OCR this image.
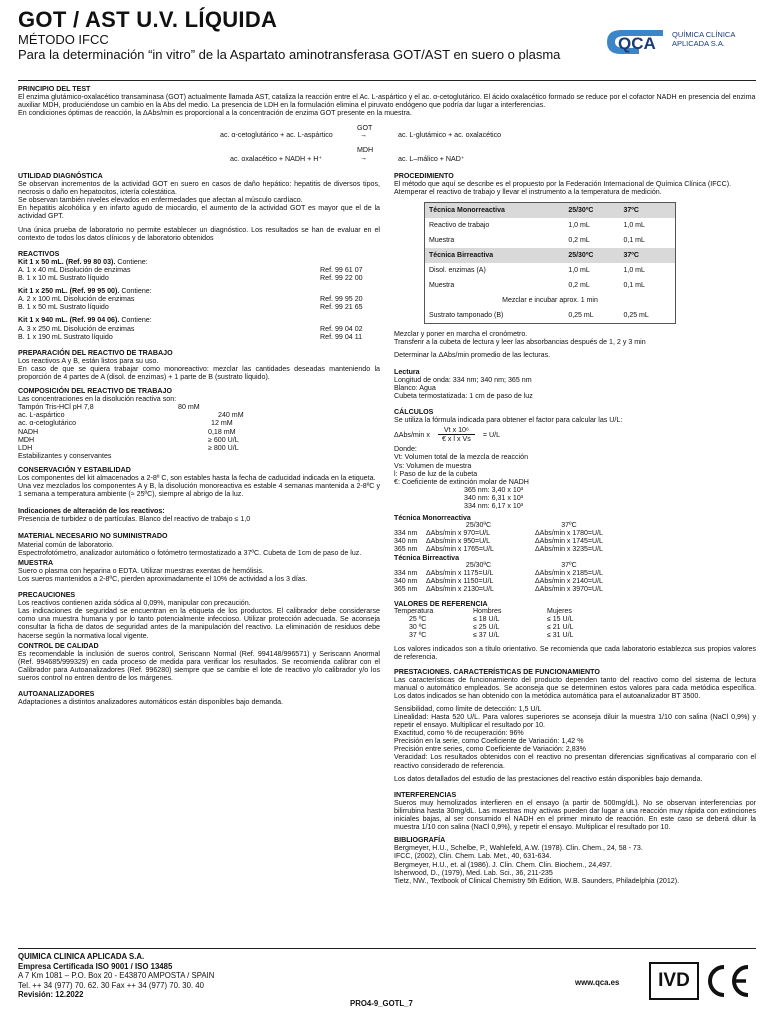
GOT / AST U.V. LÍQUIDA
MÉTODO IFCC
Para la determinación “in vitro” de la Aspartato aminotransferasa GOT/AST en suero o plasma
QCA QUÍMICA CLÍNICA
APLICADA S.A.
PRINCIPIO DEL TEST

El enzima glutámico-oxalacético transaminasa (GOT) actualmente llamada AST, cataliza la reacción entre el Ac. L-aspártico y el ac. α-cetoglutárico. El ácido oxalacético formado se reduce por el cofactor NADH en presencia del enzima auxiliar MDH, produciéndose un cambio en la Abs del medio. La presencia de LDH en la formulación elimina el piruvato endógeno que podría dar lugar a interferencias.

En condiciones óptimas de reacción, la ΔAbs/min es proporcional a la concentración de enzima GOT presente en la muestra.

ac. α-cetoglutárico + ac. L-aspártico
GOT
→	ac. L-glutámico + ac. oxalacético
ac. oxalacético + NADH + H⁺
MDH
→	ac. L–málico + NAD⁺
UTILIDAD DIAGNÓSTICA

Se observan incrementos de la actividad GOT en suero en casos de daño hepático: hepatitis de diversos tipos, necrosis o daño en hepatocitos, ictería colestática.

Se observan también niveles elevados en enfermedades que afectan al músculo cardíaco.

En hepatitis alcohólica y en infarto agudo de miocardio, el aumento de la actividad GOT es mayor que el de la actividad GPT.

Una única prueba de laboratorio no permite establecer un diagnóstico. Los resultados se han de evaluar en el contexto de todos los datos clínicos y de laboratorio obtenidos

REACTIVOS

Kit 1 x 50 mL. (Ref. 99 80 03). Contiene:

A. 1 x 40 mL Disolución de enzimas	Ref. 99 61 07
B. 1 x 10 mL Sustrato líquido	Ref. 99 22 00

Kit 1 x 250 mL. (Ref. 99 95 00). Contiene:

A. 2 x 100 mL Disolución de enzimas	Ref. 99 95 20
B. 1 x 50 mL Sustrato líquido	Ref. 99 21 65

Kit 1 x 940 mL. (Ref. 99 04 06). Contiene:

A. 3 x 250 mL Disolución de enzimas	Ref. 99 04 02
B. 1 x 190 mL Sustrato líquido	Ref. 99 04 11
PREPARACIÓN DEL REACTIVO DE TRABAJO

Los reactivos A y B, están listos para su uso.

En caso de que se quiera trabajar como monoreactivo: mezclar las cantidades deseadas manteniendo la proporción de 4 partes de A (disol. de enzimas) + 1 parte de B (sustrato líquido).

COMPOSICIÓN DEL REACTIVO DE TRABAJO

Las concentraciones en la disolución reactiva son:

Tampón Tris-HCl pH 7,8	80 mM
ac. L-aspártico	240 mM
ac. α-cetoglutárico	12 mM
NADH	0,18 mM
MDH	≥ 600 U/L
LDH	≥ 800 U/L

Estabilizantes y conservantes

CONSERVACIÓN Y ESTABILIDAD

Los componentes del kit almacenados a 2-8º C, son estables hasta la fecha de caducidad indicada en la etiqueta.

Una vez mezclados los componentes A y B, la disolución monoreactiva es estable 4 semanas mantenida a 2-8ºC y 1 semana a temperatura ambiente (≈ 25ºC), siempre al abrigo de la luz.

Indicaciones de alteración de los reactivos:

Presencia de turbidez o de partículas. Blanco del reactivo de trabajo ≤ 1,0

MATERIAL NECESARIO NO SUMINISTRADO

Material común de laboratorio.

Espectrofotómetro, analizador automático o fotómetro termostatizado a 37ºC. Cubeta de 1cm de paso de luz.

MUESTRA

Suero o plasma con heparina o EDTA. Utilizar muestras exentas de hemólisis.

Los sueros mantenidos a 2-8ºC, pierden aproximadamente el 10% de actividad a los 3 días.

PRECAUCIONES

Los reactivos contienen azida sódica al 0,09%, manipular con precaución.

Las indicaciones de seguridad se encuentran en la etiqueta de los productos. El calibrador debe considerarse como una muestra humana y por lo tanto potencialmente infeccioso. Utilizar protección adecuada. Se aconseja consultar la ficha de datos de seguridad antes de la manipulación del reactivo. La eliminación de residuos debe hacerse según la normativa local vigente.

CONTROL DE CALIDAD

Es recomendable la inclusión de sueros control, Seriscann Normal (Ref. 994148/996571) y Seriscann Anormal (Ref. 994685/999329) en cada proceso de medida para verificar los resultados. Se recomienda calibrar con el Calibrador para Autoanalizadores (Ref. 996280) siempre que se cambie el lote de reactivo y/o calibrador y/o los sueros control no entren dentro de los márgenes.

AUTOANALIZADORES

Adaptaciones a distintos analizadores automáticos están disponibles bajo demanda.

PROCEDIMIENTO

El método que aquí se describe es el propuesto por la Federación Internacional de Química Clínica (IFCC).

Atemperar el reactivo de trabajo y llevar el instrumento a la temperatura de medición.

Técnica Monorreactiva	25/30ºC	37ºC
Reactivo de trabajo	1,0 mL	1,0 mL
Muestra	0,2 mL	0,1 mL
Técnica Birreactiva	25/30ºC	37ºC
Disol. enzimas (A)	1,0 mL	1,0 mL
Muestra	0,2 mL	0,1 mL
Mezclar e incubar aprox. 1 min		
Sustrato tamponado (B)	0,25 mL	0,25 mL

Mezclar y poner en marcha el cronómetro.

Transferir a la cubeta de lectura y leer las absorbancias después de 1, 2 y 3 min

Determinar la ΔAbs/min promedio de las lecturas.

Lectura

Longitud de onda: 334 nm; 340 nm; 365 nm

Blanco: Agua

Cubeta termostatizada: 1 cm de paso de luz

CÁLCULOS

Se utiliza la fórmula indicada para obtener el factor para calcular las U/L:

ΔAbs/min x $\frac{\text{Vt x 10⁶}}{\text{€ x l x Vs}} = U/L$

Donde:

Vt: Volumen total de la mezcla de reacción

Vs: Volumen de muestra

l: Paso de luz de la cubeta

€: Coeficiente de extinción molar de NADH

365 nm: 3,40 x 10³

340 nm: 6,31 x 10³

334 nm: 6,17 x 10³

Técnica Monorreactiva
	25/30ºC	37ºC
334 nm	ΔAbs/min x 970=U/L	ΔAbs/min x 1780=U/L
340 nm	ΔAbs/min x 950=U/L	ΔAbs/min x 1745=U/L
365 nm	ΔAbs/min x 1765=U/L	ΔAbs/min x 3235=U/L
Técnica Birreactiva
	25/30ºC	37ºC
334 nm	ΔAbs/min x 1175=U/L	ΔAbs/min x 2185=U/L
340 nm	ΔAbs/min x 1150=U/L	ΔAbs/min x 2140=U/L
365 nm	ΔAbs/min x 2130=U/L	ΔAbs/min x 3970=U/L
VALORES DE REFERENCIA
Temperatura	Hombres	Mujeres
25 ºC	≤ 18 U/L	≤ 15 U/L
30 ºC	≤ 25 U/L	≤ 21 U/L
37 ºC	≤ 37 U/L	≤ 31 U/L

Los valores indicados son a título orientativo. Se recomienda que cada laboratorio establezca sus propios valores de referencia.

PRESTACIONES. CARACTERÍSTICAS DE FUNCIONAMIENTO

Las características de funcionamiento del producto dependen tanto del reactivo como del sistema de lectura manual o automático empleados. Se aconseja que se determinen estos valores para cada metódica específica. Los datos indicados se han obtenido con la metódica automática para el autoanalizador BT 3500.

Sensibilidad, como límite de detección: 1,5 U/L

Linealidad: Hasta 520 U/L. Para valores superiores se aconseja diluir la muestra 1/10 con salina (NaCl 0,9%) y repetir el ensayo. Multiplicar el resultado por 10.

Exactitud, como % de recuperación: 96%

Precisión en la serie, como Coeficiente de Variación: 1,42 %

Precisión entre series, como Coeficiente de Variación: 2,83%

Veracidad: Los resultados obtenidos con el reactivo no presentan diferencias significativas al comparario con el reactivo considerado de referencia.

Los datos detallados del estudio de las prestaciones del reactivo están disponibles bajo demanda.

INTERFERENCIAS

Sueros muy hemolizados interfieren en el ensayo (a partir de 500mg/dL). No se observan interferencias por bilirrubina hasta 30mg/dL. Las muestras muy activas pueden dar lugar a una reacción muy rápida con extinciones iniciales bajas, al ser consumido el NADH en el primer minuto de reacción. En este caso se deberá diluir la muestra 1/10 con salina (NaCl 0,9%), y repetir el ensayo. Multiplicar el resultado por 10.

BIBLIOGRAFÍA

Bergmeyer, H.U., Schelbe, P., Wahlefeld, A.W. (1978). Clin. Chem., 24, 58 - 73.

IFCC, (2002), Clin. Chem. Lab. Met., 40, 631-634.

Bergmeyer, H.U., et. al (1986). J. Clin. Chem. Clin. Biochem., 24,497.

Isherwood, D., (1979), Med. Lab. Sci., 36, 211-235

Tietz, NW., Textbook of Clinical Chemistry 5th Edition, W.B. Saunders, Philadelphia (2012).

QUIMICA CLINICA APLICADA S.A.
Empresa Certificada ISO 9001 / ISO 13485
A 7 Km 1081 – P.O. Box 20 - E43870 AMPOSTA / SPAIN
Tel. ++ 34 (977) 70. 62. 30 Fax ++ 34 (977) 70. 30. 40
Revisión: 12.2022
PRO4-9_GOTL_7
www.qca.es	IVD
